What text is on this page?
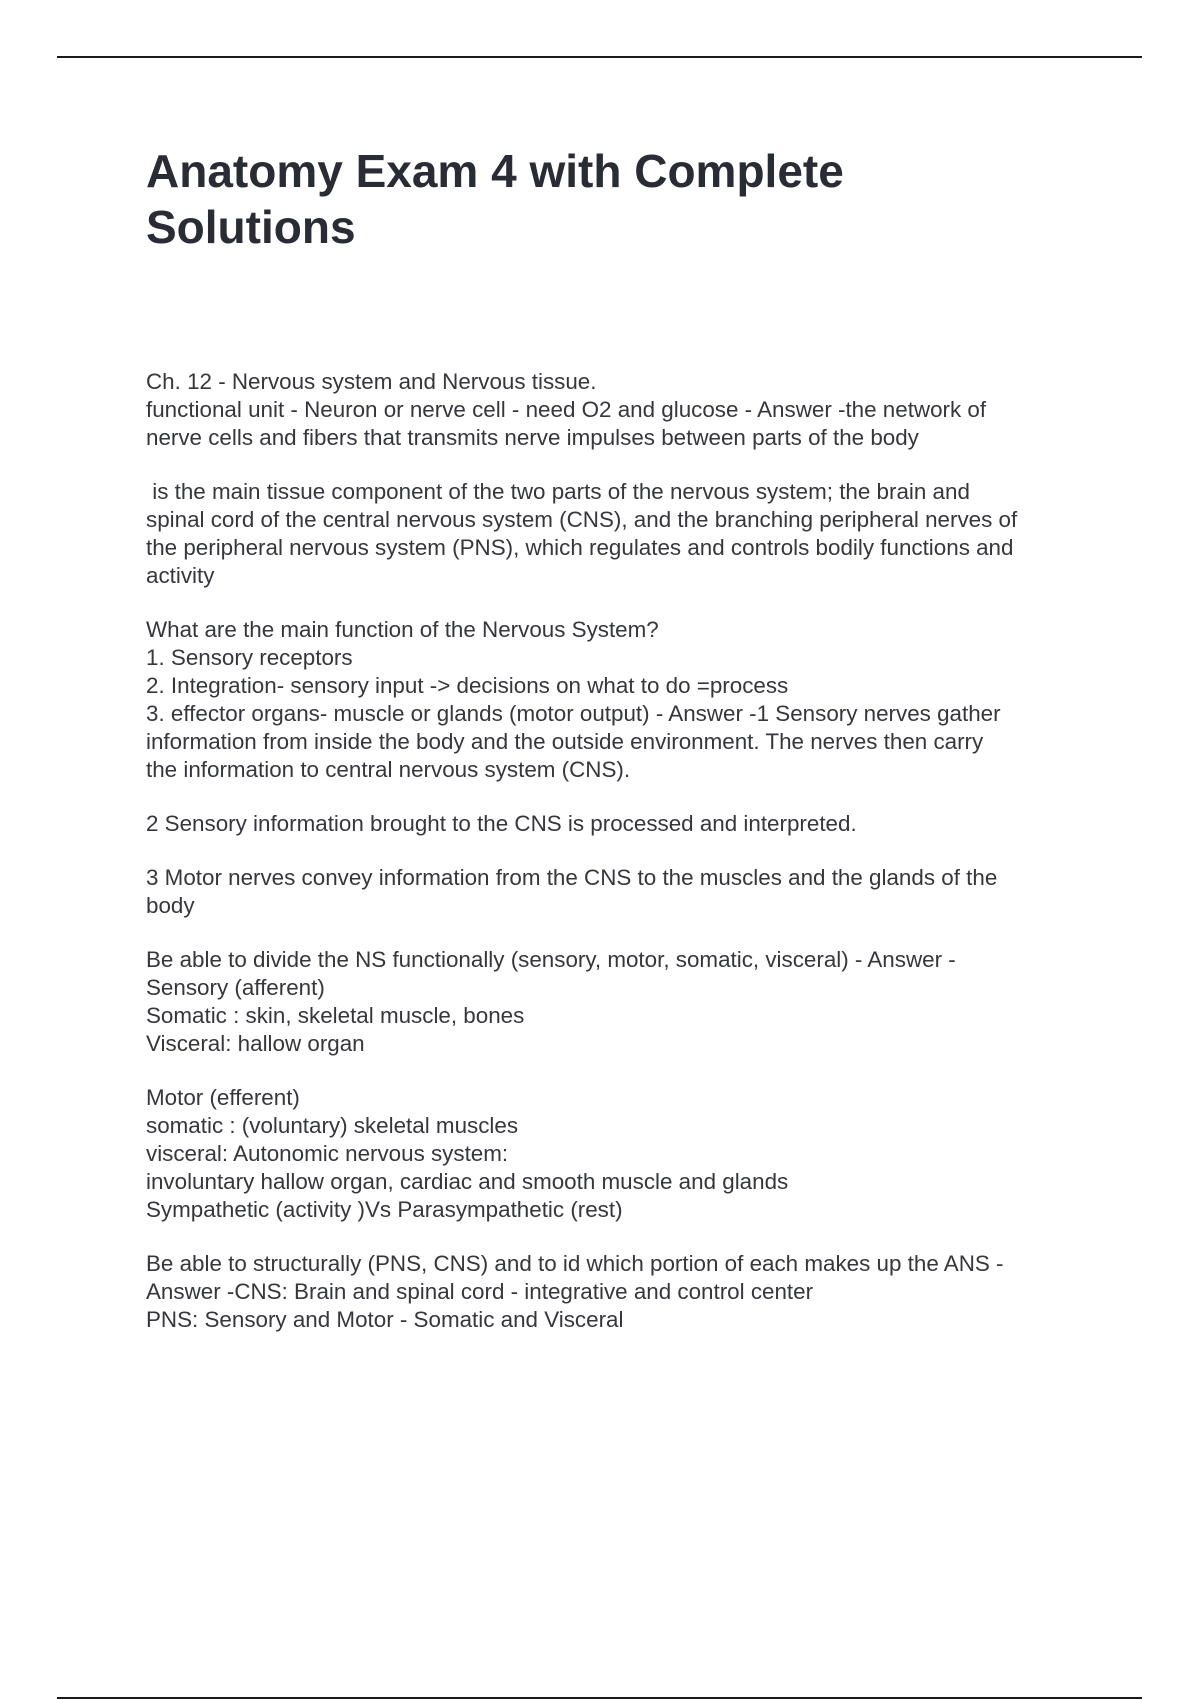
Anatomy Exam 4 with Complete
Solutions

Ch. 12 - Nervous system and Nervous tissue.
functional unit - Neuron or nerve cell - need O2 and glucose - Answer -the network of
nerve cells and fibers that transmits nerve impulses between parts of the body

is the main tissue component of the two parts of the nervous system; the brain and
spinal cord of the central nervous system (CNS), and the branching peripheral nerves of
the peripheral nervous system (PNS), which regulates and controls bodily functions and
activity

What are the main function of the Nervous System?
1. Sensory receptors
2. Integration- sensory input -> decisions on what to do =process
3. effector organs- muscle or glands (motor output) - Answer -1 Sensory nerves gather
information from inside the body and the outside environment. The nerves then carry
the information to central nervous system (CNS).

2 Sensory information brought to the CNS is processed and interpreted.

3 Motor nerves convey information from the CNS to the muscles and the glands of the
body

Be able to divide the NS functionally (sensory, motor, somatic, visceral) - Answer -
Sensory (afferent)
Somatic : skin, skeletal muscle, bones
Visceral: hallow organ

Motor (efferent)
somatic : (voluntary) skeletal muscles
visceral: Autonomic nervous system:
involuntary hallow organ, cardiac and smooth muscle and glands
Sympathetic (activity )Vs Parasympathetic (rest)

Be able to structurally (PNS, CNS) and to id which portion of each makes up the ANS -
Answer -CNS: Brain and spinal cord - integrative and control center
PNS: Sensory and Motor - Somatic and Visceral
